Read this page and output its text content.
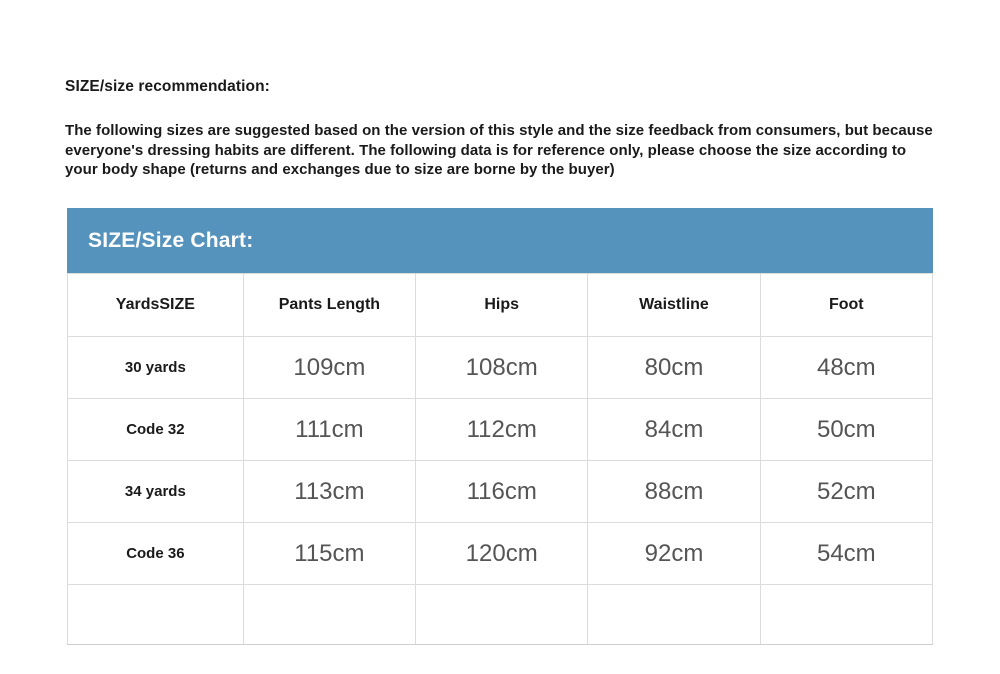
SIZE/size recommendation:
The following sizes are suggested based on the version of this style and the size feedback from consumers, but because everyone's dressing habits are different. The following data is for reference only, please choose the size according to your body shape (returns and exchanges due to size are borne by the buyer)
SIZE/Size Chart:
YardsSIZE	Pants Length	Hips	Waistline	Foot
30 yards	109cm	108cm	80cm	48cm
Code 32	111cm	112cm	84cm	50cm
34 yards	113cm	116cm	88cm	52cm
Code 36	115cm	120cm	92cm	54cm
